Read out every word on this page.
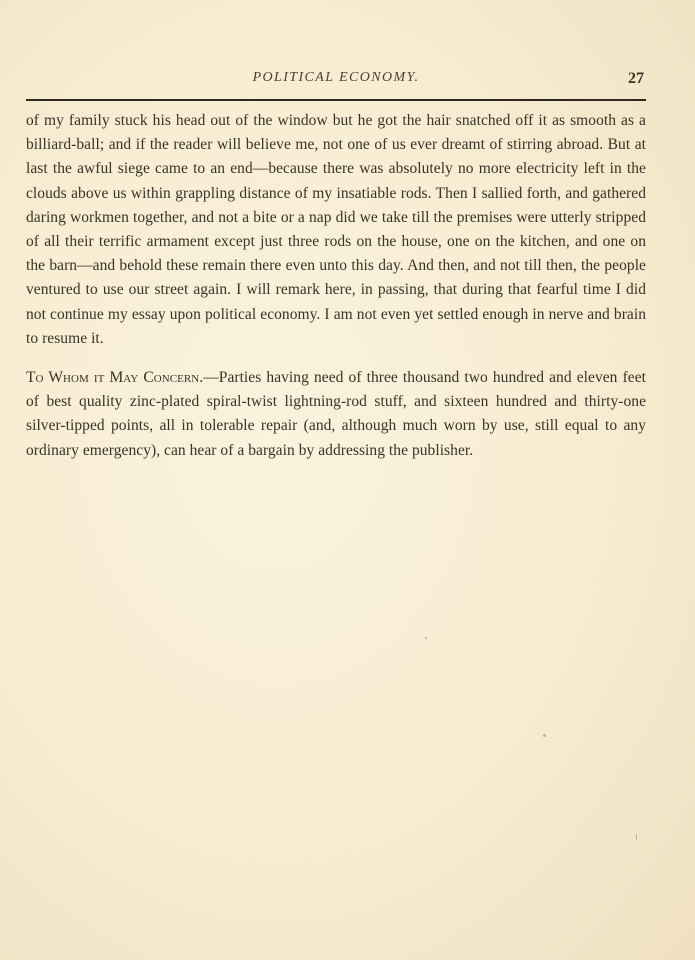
POLITICAL ECONOMY.	27

of my family stuck his head out of the window but he got the hair snatched off it as smooth as a billiard-ball; and if the reader will believe me, not one of us ever dreamt of stirring abroad. But at last the awful siege came to an end—because there was absolutely no more electricity left in the clouds above us within grappling distance of my insatiable rods. Then I sallied forth, and gathered daring workmen together, and not a bite or a nap did we take till the premises were utterly stripped of all their terrific armament except just three rods on the house, one on the kitchen, and one on the barn—and behold these remain there even unto this day. And then, and not till then, the people ventured to use our street again. I will remark here, in passing, that during that fearful time I did not continue my essay upon political economy. I am not even yet settled enough in nerve and brain to resume it.

To Whom it May Concern.—Parties having need of three thousand two hundred and eleven feet of best quality zinc-plated spiral-twist lightning-rod stuff, and sixteen hundred and thirty-one silver-tipped points, all in tolerable repair (and, although much worn by use, still equal to any ordinary emergency), can hear of a bargain by addressing the publisher.
